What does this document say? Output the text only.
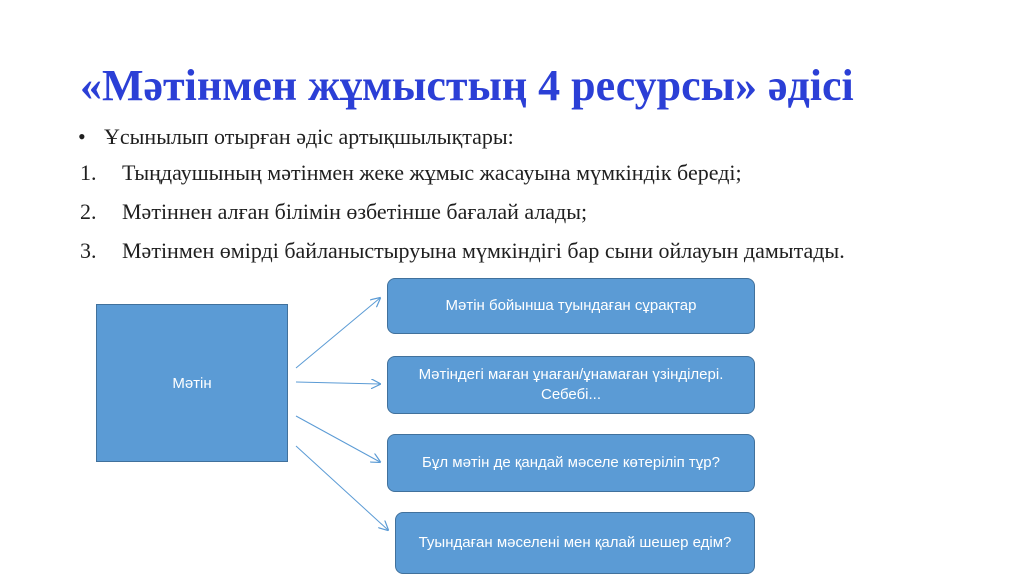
«Мәтінмен жұмыстың 4 ресурсы» әдісі
• Ұсынылып отырған әдіс артықшылықтары:
1. Тыңдаушының мәтінмен жеке жұмыс жасауына мүмкіндік береді;
2. Мәтіннен алған білімін өзбетінше бағалай алады;
3. Мәтінмен өмірді байланыстыруына мүмкіндігі бар сыни ойлауын дамытады.
Мәтін
Мәтін бойынша туындаған сұрақтар
Мәтіндегі маған ұнаған/ұнамаған үзінділері. Себебі...
Бұл мәтін де қандай мәселе көтеріліп тұр?
Туындаған мәселені мен қалай шешер едім?
